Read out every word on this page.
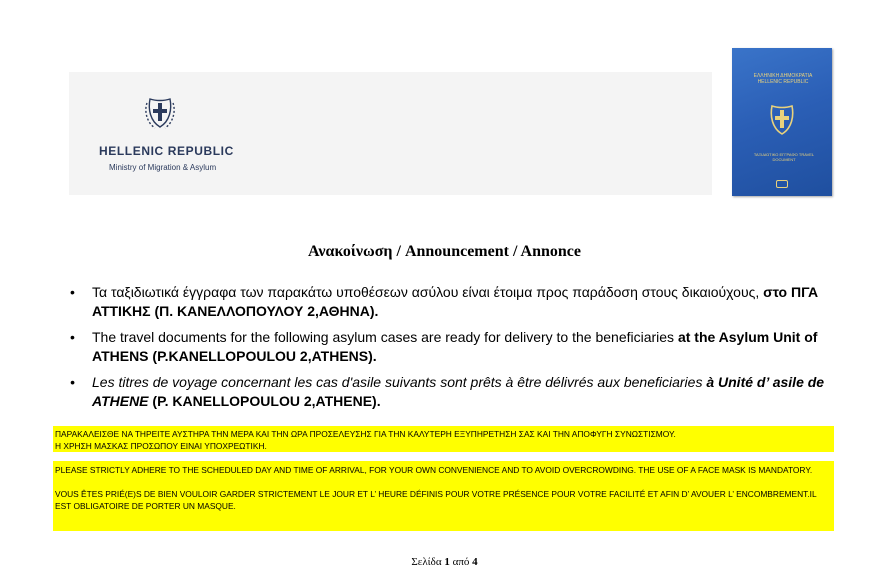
HELLENIC REPUBLIC
Ministry of Migration & Asylum
ΕΛΛΗΝΙΚΗ ΔΗΜΟΚΡΑΤΙΑ HELLENIC REPUBLIC
ΤΑΞΙΔΙΩΤΙΚΟ ΕΓΓΡΑΦΟ TRAVEL DOCUMENT
Ανακοίνωση / Announcement / Annonce
• Τα ταξιδιωτικά έγγραφα των παρακάτω υποθέσεων ασύλου είναι έτοιμα προς παράδοση στους δικαιούχους, στο ΠΓΑ ΑΤΤΙΚΗΣ (Π. ΚΑΝΕΛΛΟΠΟΥΛΟΥ 2,ΑΘΗΝΑ).
• The travel documents for the following asylum cases are ready for delivery to the beneficiaries at the Asylum Unit of ATHENS (P.KANELLOPOULOU 2,ATHENS).
• Les titres de voyage concernant les cas d'asile suivants sont prêts à être délivrés aux beneficiaries à Unité d’ asile de ATHENE (P. KANELLOPOULOU 2,ATHENE).

ΠΑΡΑΚΑΛΕΙΣΘΕ ΝΑ ΤΗΡΕΙΤΕ ΑΥΣΤΗΡΑ ΤΗΝ ΜΕΡΑ ΚΑΙ ΤΗΝ ΩΡΑ ΠΡΟΣΕΛΕΥΣΗΣ ΓΙΑ ΤΗΝ ΚΑΛΥΤΕΡΗ ΕΞΥΠΗΡΕΤΗΣΗ ΣΑΣ ΚΑΙ ΤΗΝ ΑΠΟΦΥΓΗ ΣΥΝΩΣΤΙΣΜΟΥ.

Η ΧΡΗΣΗ ΜΑΣΚΑΣ ΠΡΟΣΩΠΟΥ ΕΙΝΑΙ ΥΠΟΧΡΕΩΤΙΚΗ.

PLEASE STRICTLY ADHERE TO THE SCHEDULED DAY AND TIME OF ARRIVAL, FOR YOUR OWN CONVENIENCE AND TO AVOID OVERCROWDING. THE USE OF A FACE MASK IS MANDATORY.

VOUS ÊTES PRIÉ(E)S DE BIEN VOULOIR GARDER STRICTEMENT LE JOUR ET L’ HEURE DÉFINIS POUR VOTRE PRÉSENCE POUR VOTRE FACILITÉ ET AFIN D’ AVOUER L’ ENCOMBREMENT.IL EST OBLIGATOIRE DE PORTER UN MASQUE.

Σελίδα 1 από 4
